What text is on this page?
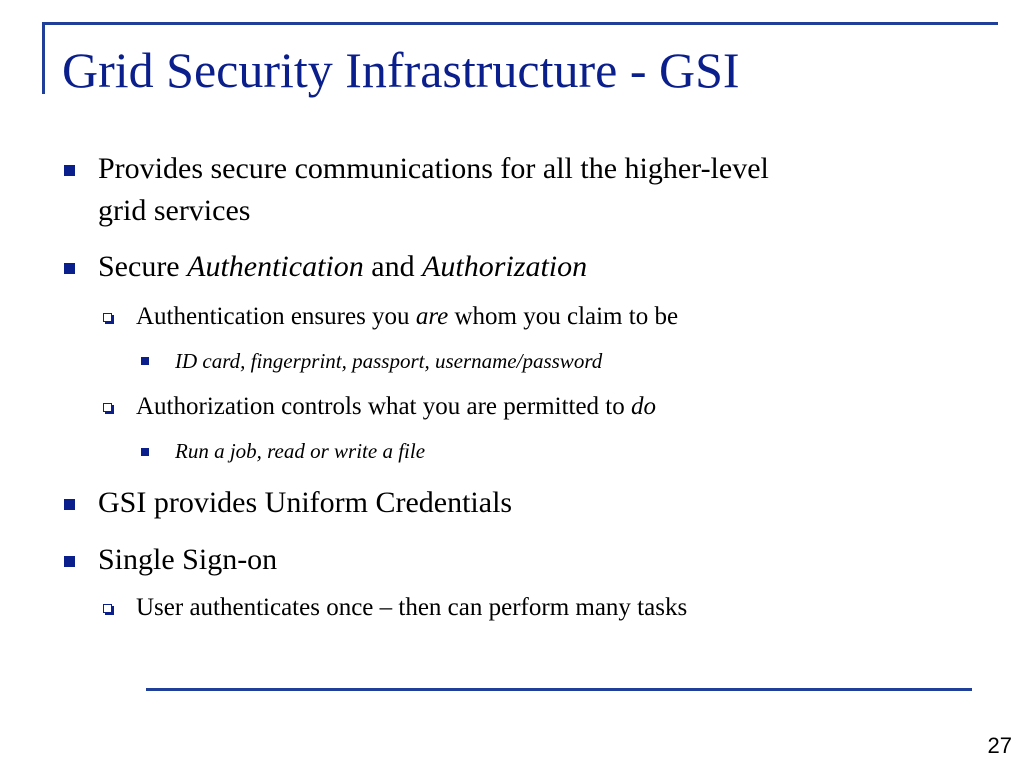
Grid Security Infrastructure - GSI
Provides secure communications for all the higher-level
grid services
Secure Authentication and Authorization
Authentication ensures you are whom you claim to be
ID card, fingerprint, passport, username/password
Authorization controls what you are permitted to do
Run a job, read or write a file
GSI provides Uniform Credentials
Single Sign-on
User authenticates once – then can perform many tasks
27
